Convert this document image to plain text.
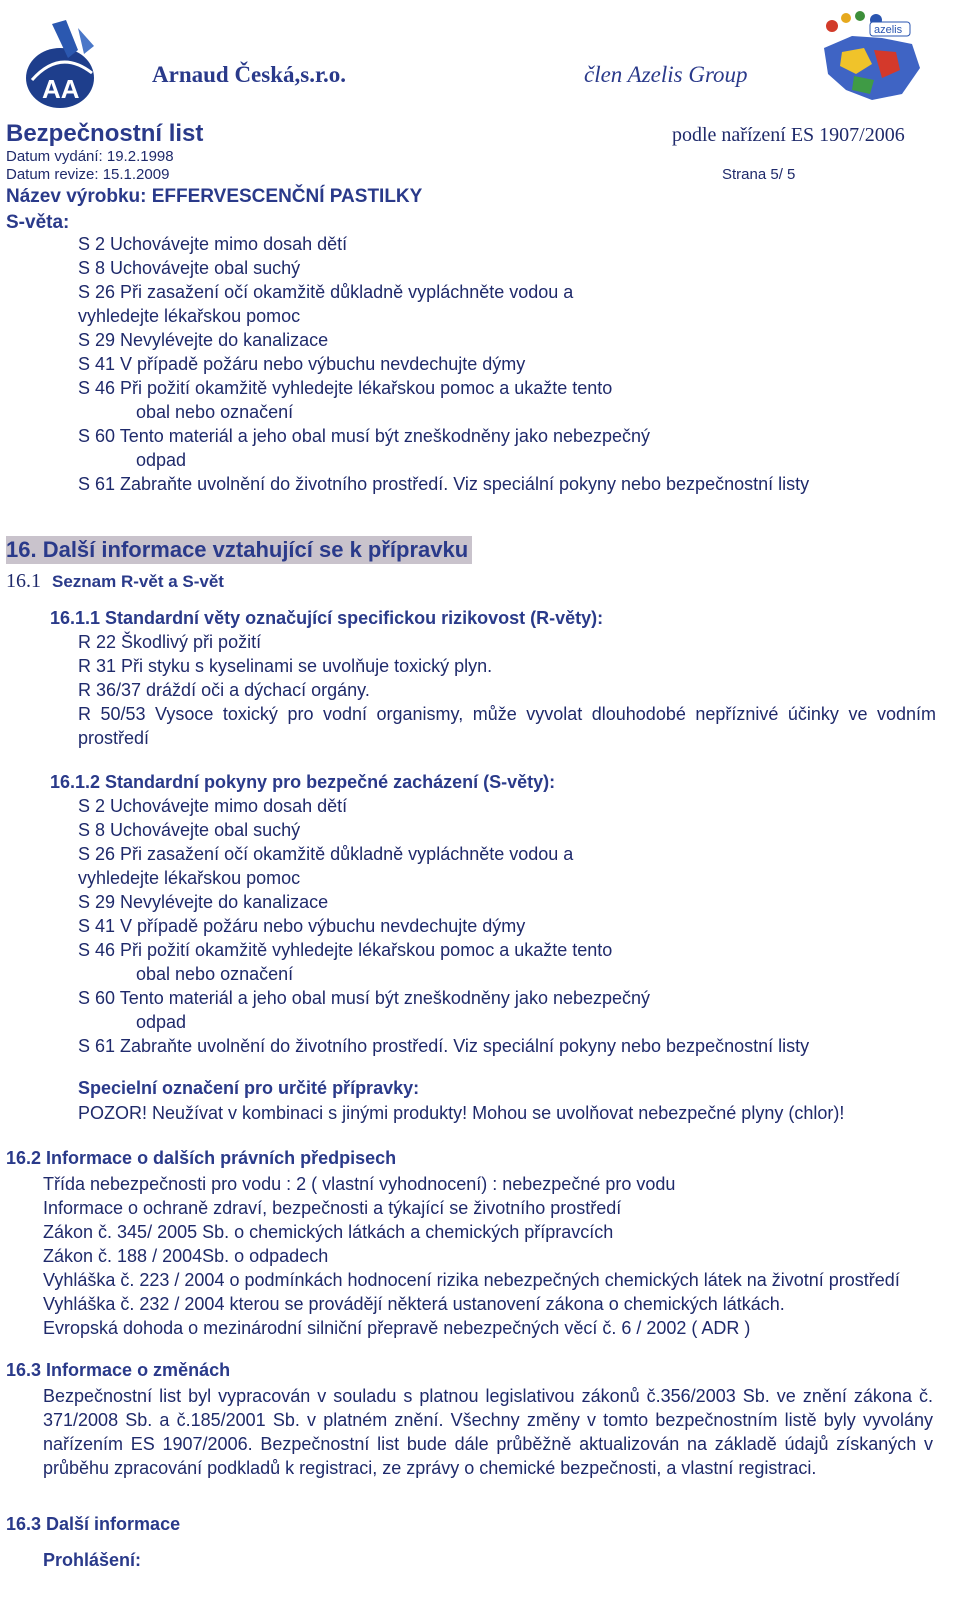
AA
azelis
Arnaud Česká,s.r.o.	člen Azelis Group
Bezpečnostní list	podle nařízení ES 1907/2006
Datum vydání: 19.2.1998
Datum revize: 15.1.2009	Strana 5/ 5
Název výrobku: EFFERVESCENČNÍ PASTILKY
S-věta:
S 2 Uchovávejte mimo dosah dětí
S 8 Uchovávejte obal suchý
S 26 Při zasažení očí okamžitě důkladně vypláchněte vodou a
vyhledejte lékařskou pomoc
S 29 Nevylévejte do kanalizace
S 41 V případě požáru nebo výbuchu nevdechujte dýmy
S 46 Při požití okamžitě vyhledejte lékařskou pomoc a ukažte tento
obal nebo označení
S 60 Tento materiál a jeho obal musí být zneškodněny jako nebezpečný
odpad
S 61 Zabraňte uvolnění do životního prostředí. Viz speciální pokyny nebo bezpečnostní listy
16. Další informace vztahující se k přípravku
16.1 Seznam R-vět a S-vět
16.1.1 Standardní věty označující specifickou rizikovost (R-věty):
R 22 Škodlivý při požití
R 31 Při styku s kyselinami se uvolňuje toxický plyn.
R 36/37 dráždí oči a dýchací orgány.
R 50/53 Vysoce toxický pro vodní organismy, může vyvolat dlouhodobé nepříznivé účinky ve vodním prostředí
16.1.2 Standardní pokyny pro bezpečné zacházení (S-věty):
S 2 Uchovávejte mimo dosah dětí
S 8 Uchovávejte obal suchý
S 26 Při zasažení očí okamžitě důkladně vypláchněte vodou a
vyhledejte lékařskou pomoc
S 29 Nevylévejte do kanalizace
S 41 V případě požáru nebo výbuchu nevdechujte dýmy
S 46 Při požití okamžitě vyhledejte lékařskou pomoc a ukažte tento
obal nebo označení
S 60 Tento materiál a jeho obal musí být zneškodněny jako nebezpečný
odpad
S 61 Zabraňte uvolnění do životního prostředí. Viz speciální pokyny nebo bezpečnostní listy
Specielní označení pro určité přípravky:
POZOR! Neužívat v kombinaci s jinými produkty! Mohou se uvolňovat nebezpečné plyny (chlor)!
16.2 Informace o dalších právních předpisech
Třída nebezpečnosti pro vodu : 2 ( vlastní vyhodnocení) : nebezpečné pro vodu
Informace o ochraně zdraví, bezpečnosti a týkající se životního prostředí
Zákon č. 345/ 2005 Sb. o chemických látkách a chemických přípravcích
Zákon č. 188 / 2004Sb. o odpadech
Vyhláška č. 223 / 2004 o podmínkách hodnocení rizika nebezpečných chemických látek na životní prostředí
Vyhláška č. 232 / 2004 kterou se provádějí některá ustanovení zákona o chemických látkách.
Evropská dohoda o mezinárodní silniční přepravě nebezpečných věcí č. 6 / 2002 ( ADR )
16.3 Informace o změnách
Bezpečnostní list byl vypracován v souladu s platnou legislativou zákonů č.356/2003 Sb. ve znění zákona č. 371/2008 Sb. a č.185/2001 Sb. v platném znění. Všechny změny v tomto bezpečnostním listě byly vyvolány nařízením ES 1907/2006. Bezpečnostní list bude dále průběžně aktualizován na základě údajů získaných v průběhu zpracování podkladů k registraci, ze zprávy o chemické bezpečnosti, a vlastní registraci.
16.3 Další informace
Prohlášení:
